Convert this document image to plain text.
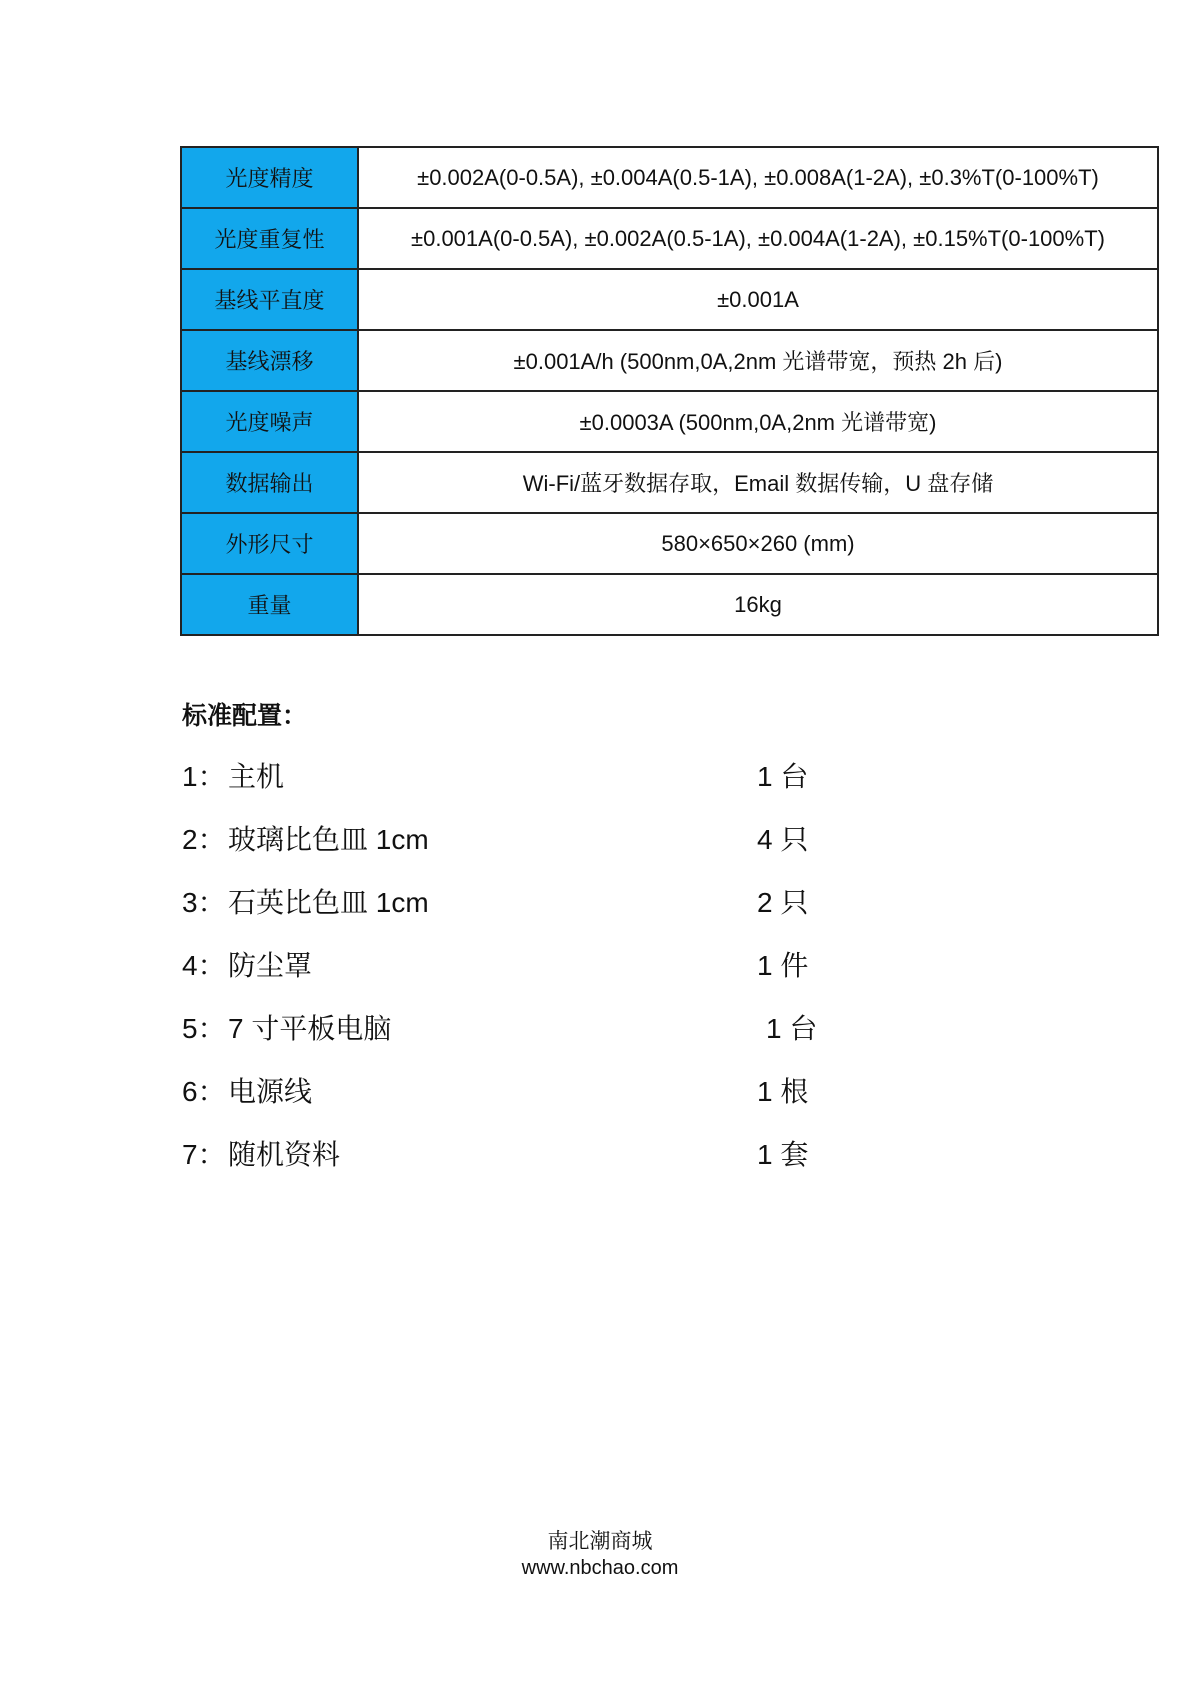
光度精度	±0.002A(0-0.5A), ±0.004A(0.5-1A), ±0.008A(1-2A), ±0.3%T(0-100%T)
光度重复性	±0.001A(0-0.5A), ±0.002A(0.5-1A), ±0.004A(1-2A), ±0.15%T(0-100%T)
基线平直度	±0.001A
基线漂移	±0.001A/h (500nm,0A,2nm 光谱带宽，预热 2h 后)
光度噪声	±0.0003A (500nm,0A,2nm 光谱带宽)
数据输出	Wi-Fi/蓝牙数据存取，Email 数据传输，U 盘存储
外形尺寸	580×650×260 (mm)
重量	16kg
标准配置：
1： 主机	1 台
2： 玻璃比色皿 1cm	4 只
3： 石英比色皿 1cm	2 只
4： 防尘罩	1 件
5： 7 寸平板电脑	1 台
6： 电源线	1 根
7： 随机资料	1 套
南北潮商城
www.nbchao.com
